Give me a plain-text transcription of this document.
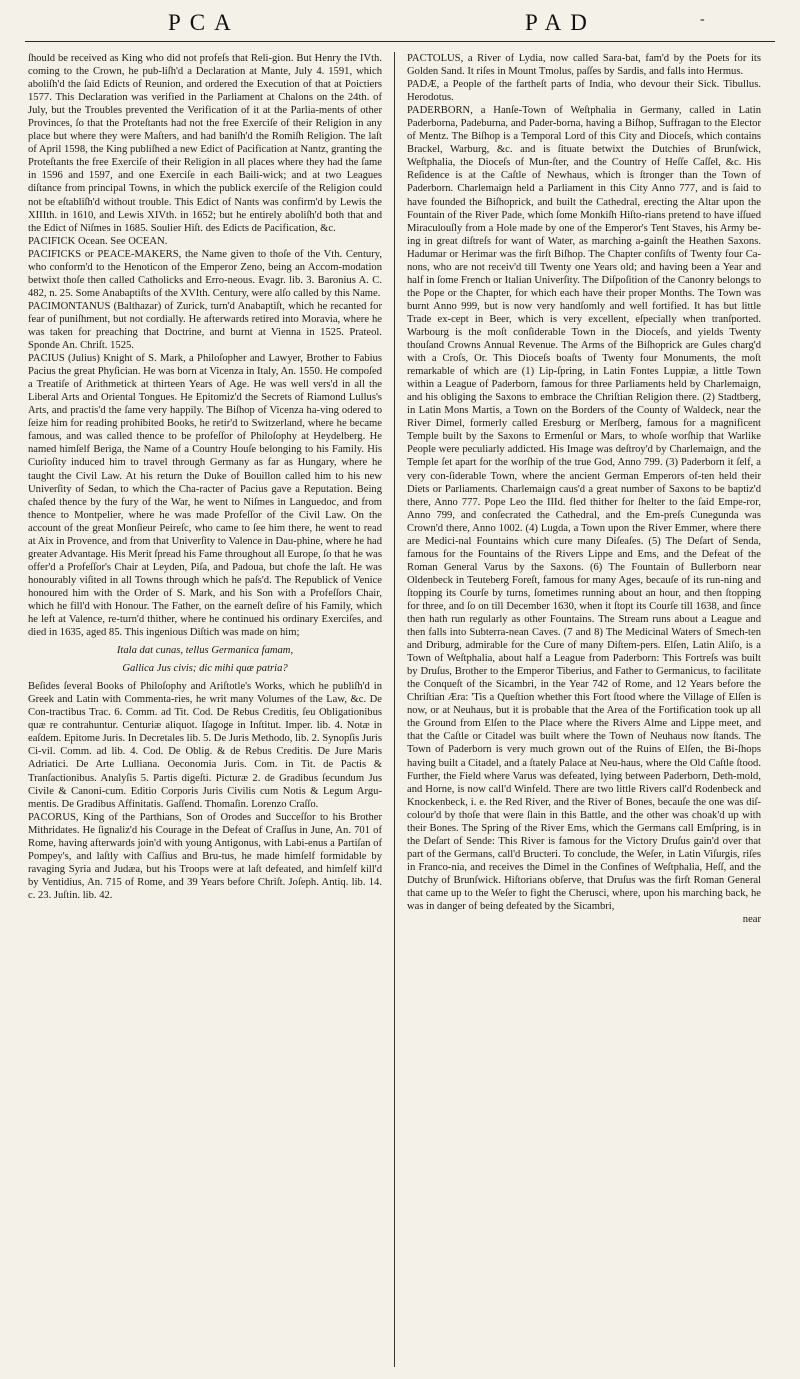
PCA	PAD	-

ſhould be received as King who did not profeſs that Reli-gion. But Henry the IVth. coming to the Crown, he pub-liſh'd a Declaration at Mante, July 4. 1591, which aboliſh'd the ſaid Edicts of Reunion, and ordered the Execution of that at Poictiers 1577. This Declaration was verified in the Parliament at Chalons on the 24th. of July, but the Troubles prevented the Verification of it at the Parlia-ments of other Provinces, ſo that the Proteſtants had not the free Exerciſe of their Religion in any place but where they were Maſters, and had baniſh'd the Romiſh Religion. The laſt of April 1598, the King publiſhed a new Edict of Pacification at Nantz, granting the Proteſtants the free Exerciſe of their Religion in all places where they had the ſame in 1596 and 1597, and one Exerciſe in each Baili-wick; and at two Leagues diſtance from principal Towns, in which the publick exerciſe of the Religion could not be eſtabliſh'd without trouble. This Edict of Nants was confirm'd by Lewis the XIIIth. in 1610, and Lewis XIVth. in 1652; but he entirely aboliſh'd both that and the Edict of Niſmes in 1685. Soulier Hiſt. des Edicts de Pacification, &c.

PACIFICK Ocean. See OCEAN.

PACIFICKS or PEACE-MAKERS, the Name given to thoſe of the Vth. Century, who conform'd to the Henoticon of the Emperor Zeno, being an Accom-modation betwixt thoſe then called Catholicks and Erro-neous. Evagr. lib. 3. Baronius A. C. 482, n. 25. Some Anabaptiſts of the XVIth. Century, were alſo called by this Name.

PACIMONTANUS (Balthazar) of Zurick, turn'd Anabaptiſt, which he recanted for fear of puniſhment, but not cordially. He afterwards retired into Moravia, where he was taken for preaching that Doctrine, and burnt at Vienna in 1525. Prateol. Sponde An. Chriſt. 1525.

PACIUS (Julius) Knight of S. Mark, a Philoſopher and Lawyer, Brother to Fabius Pacius the great Phyſician. He was born at Vicenza in Italy, An. 1550. He compoſed a Treatiſe of Arithmetick at thirteen Years of Age. He was well vers'd in all the Liberal Arts and Oriental Tongues. He Epitomiz'd the Secrets of Riamond Lullus's Arts, and practis'd the ſame very happily. The Biſhop of Vicenza ha-ving odered to ſeize him for reading prohibited Books, he retir'd to Switzerland, where he became famous, and was called thence to be profeſſor of Philoſophy at Heydelberg. He named himſelf Beriga, the Name of a Country Houſe belonging to his Family. His Curioſity induced him to travel through Germany as far as Hungary, where he taught the Civil Law. At his return the Duke of Bouillon called him to his new Univerſity of Sedan, to which the Cha-racter of Pacius gave a Reputation. Being chaſed thence by the fury of the War, he went to Niſmes in Languedoc, and from thence to Montpelier, where he was made Profeſſor of the Civil Law. On the account of the great Monſieur Peireſc, who came to ſee him there, he went to read at Aix in Provence, and from that Univerſity to Valence in Dau-phine, where he had greater Advantage. His Merit ſpread his Fame throughout all Europe, ſo that he was offer'd a Profeſſor's Chair at Leyden, Piſa, and Padoua, but chofe the laſt. He was honourably viſited in all Towns through which he paſs'd. The Republick of Venice honoured him with the Order of S. Mark, and his Son with a Profeſſors Chair, which he fill'd with Honour. The Father, on the earneſt deſire of his Family, which he left at Valence, re-turn'd thither, where he continued his ordinary Exerciſes, and died in 1635, aged 85. This ingenious Diſtich was made on him;

Itala dat cunas, tellus Germanica famam,

Gallica Jus civis; dic mihi quæ patria?

Beſides ſeveral Books of Philoſophy and Ariſtotle's Works, which he publiſh'd in Greek and Latin with Commenta-ries, he writ many Volumes of the Law, &c. De Con-tractibus Trac. 6. Comm. ad Tit. Cod. De Rebus Creditis, ſeu Obligationibus quæ re contrahuntur. Centuriæ aliquot. Iſagoge in Inſtitut. Imper. lib. 4. Notæ in eaſdem. Epitome Juris. In Decretales lib. 5. De Juris Methodo, lib. 2. Synopſis Juris Ci-vil. Comm. ad lib. 4. Cod. De Oblig. & de Rebus Creditis. De Jure Maris Adriatici. De Arte Lulliana. Oeconomia Juris. Com. in Tit. de Pactis & Tranſactionibus. Analyſis 5. Partis digeſti. Picturæ 2. de Gradibus ſecundum Jus Civile & Canoni-cum. Editio Corporis Juris Civilis cum Notis & Legum Argu-mentis. De Gradibus Affinitatis. Gaſſend. Thomaſin. Lorenzo Craſſo.

PACORUS, King of the Parthians, Son of Orodes and Succeſſor to his Brother Mithridates. He ſignaliz'd his Courage in the Defeat of Craſſus in June, An. 701 of Rome, having afterwards join'd with young Antigonus, with Labi-enus a Partiſan of Pompey's, and laſtly with Caſſius and Bru-tus, he made himſelf formidable by ravaging Syria and Judæa, but his Troops were at laſt defeated, and himſelf kill'd by Ventidius, An. 715 of Rome, and 39 Years before Chriſt. Joſeph. Antiq. lib. 14. c. 23. Juſtin. lib. 42.

PACTOLUS, a River of Lydia, now called Sara-bat, fam'd by the Poets for its Golden Sand. It riſes in Mount Tmolus, paſſes by Sardis, and falls into Hermus.

PADÆ, a People of the fartheſt parts of India, who devour their Sick. Tibullus. Herodotus.

PADERBORN, a Hanſe-Town of Weſtphalia in Germany, called in Latin Paderborna, Padeburna, and Pader-borna, having a Biſhop, Suffragan to the Elector of Mentz. The Biſhop is a Temporal Lord of this City and Dioceſs, which contains Brackel, Warburg, &c. and is ſituate betwixt the Dutchies of Brunſwick, Weſtphalia, the Dioceſs of Mun-ſter, and the Country of Heſſe Caſſel, &c. His Reſidence is at the Caſtle of Newhaus, which is ſtronger than the Town of Paderborn. Charlemaign held a Parliament in this City Anno 777, and is ſaid to have founded the Biſhoprick, and built the Cathedral, erecting the Altar upon the Fountain of the River Pade, which ſome Monkiſh Hiſto-rians pretend to have iſſued Miraculouſly from a Hole made by one of the Emperor's Tent Staves, his Army be-ing in great diſtreſs for want of Water, as marching a-gainſt the Heathen Saxons. Hadumar or Herimar was the firſt Biſhop. The Chapter conſiſts of Twenty four Ca-nons, who are not receiv'd till Twenty one Years old; and having been a Year and half in ſome French or Italian Univerſity. The Diſpoſition of the Canonry belongs to the Pope or the Chapter, for which each have their proper Months. The Town was burnt Anno 999, but is now very handſomly and well fortified. It has but little Trade ex-cept in Beer, which is very excellent, eſpecially when tranſported. Warbourg is the moſt conſiderable Town in the Dioceſs, and yields Twenty thouſand Crowns Annual Revenue. The Arms of the Biſhoprick are Gules charg'd with a Croſs, Or. This Dioceſs boaſts of Twenty four Monuments, the moſt remarkable of which are (1) Lip-ſpring, in Latin Fontes Luppiæ, a little Town within a League of Paderborn, famous for three Parliaments held by Charlemaign, and his obliging the Saxons to embrace the Chriſtian Religion there. (2) Stadtberg, in Latin Mons Martis, a Town on the Borders of the County of Waldeck, near the River Dimel, formerly called Eresburg or Merſberg, famous for a magnificent Temple built by the Saxons to Ermenſul or Mars, to whoſe worſhip that Warlike People were peculiarly addicted. His Image was deſtroy'd by Charlemaign, and the Temple ſet apart for the worſhip of the true God, Anno 799. (3) Paderborn it ſelf, a very con-ſiderable Town, where the ancient German Emperors of-ten held their Diets or Parliaments. Charlemaign caus'd a great number of Saxons to be baptiz'd there, Anno 777. Pope Leo the IIId. fled thither for ſhelter to the ſaid Empe-ror, Anno 799, and conſecrated the Cathedral, and the Em-preſs Cunegunda was Crown'd there, Anno 1002. (4) Lugda, a Town upon the River Emmer, where there are Medici-nal Fountains which cure many Diſeaſes. (5) The Deſart of Senda, famous for the Fountains of the Rivers Lippe and Ems, and the Defeat of the Roman General Varus by the Saxons. (6) The Fountain of Bullerborn near Oldenbeck in Teuteberg Foreſt, famous for many Ages, becauſe of its run-ning and ſtopping its Courſe by turns, ſometimes running about an hour, and then ſtopping for three, and ſo on till December 1630, when it ſtopt its Courſe till 1638, and ſince then hath run regularly as other Fountains. The Stream runs about a League and then falls into Subterra-nean Caves. (7 and 8) The Medicinal Waters of Smech-ten and Driburg, admirable for the Cure of many Diſtem-pers. Elſen, Latin Aliſo, is a Town of Weſtphalia, about half a League from Paderborn: This Fortreſs was built by Druſus, Brother to the Emperor Tiberius, and Father to Germanicus, to facilitate the Conqueſt of the Sicambri, in the Year 742 of Rome, and 12 Years before the Chriſtian Æra: 'Tis a Queſtion whether this Fort ſtood where the Village of Elſen is now, or at Neuhaus, but it is probable that the Area of the Fortification took up all the Ground from Elſen to the Place where the Rivers Alme and Lippe meet, and that the Caſtle or Citadel was built where the Town of Neuhaus now ſtands. The Town of Paderborn is very much grown out of the Ruins of Elſen, the Bi-ſhops having built a Citadel, and a ſtately Palace at Neu-haus, where the Old Caſtle ſtood. Further, the Field where Varus was defeated, lying between Paderborn, Deth-mold, and Horne, is now call'd Winfeld. There are two little Rivers call'd Rodenbeck and Knockenbeck, i. e. the Red River, and the River of Bones, becauſe the one was diſ-colour'd by thoſe that were ſlain in this Battle, and the other was choak'd up with their Bones. The Spring of the River Ems, which the Germans call Emſpring, is in the Deſart of Sende: This River is famous for the Victory Druſus gain'd over that part of the Germans, call'd Bructeri. To conclude, the Weſer, in Latin Viſurgis, riſes in Franco-nia, and receives the Dimel in the Confines of Weſtphalia, Heſſ, and the Dutchy of Brunſwick. Hiſtorians obſerve, that Druſus was the firſt Roman General that came up to the Weſer to fight the Cherusci, where, upon his marching back, he was in danger of being defeated by the Sicambri,

near
